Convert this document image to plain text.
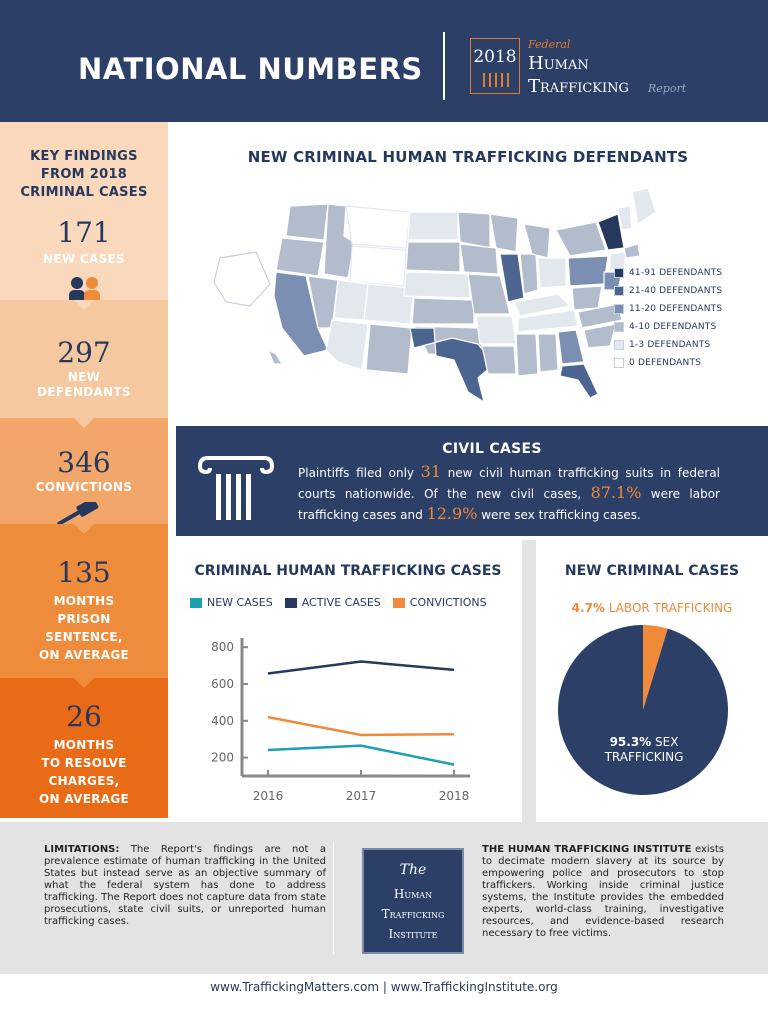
NATIONAL NUMBERS	2018
Federal
Human
Trafficking Report
KEY FINDINGS
FROM 2018
CRIMINAL CASES
171
NEW CASES
297
NEW
DEFENDANTS
346
CONVICTIONS
135
MONTHS
PRISON
SENTENCE,
ON AVERAGE
26
MONTHS
TO RESOLVE
CHARGES,
ON AVERAGE
NEW CRIMINAL HUMAN TRAFFICKING DEFENDANTS
41-91 DEFENDANTS
21-40 DEFENDANTS
11-20 DEFENDANTS
4-10 DEFENDANTS
1-3 DEFENDANTS
0 DEFENDANTS
CIVIL CASES
Plaintiffs filed only 31 new civil human trafficking suits in federal courts nationwide. Of the new civil cases, 87.1% were labor trafficking cases and 12.9% were sex trafficking cases.
CRIMINAL HUMAN TRAFFICKING CASES
NEW CASES	ACTIVE CASES	CONVICTIONS
200
400
600
800
2016	2017	2018
NEW CRIMINAL CASES
4.7% LABOR TRAFFICKING
95.3% SEX
TRAFFICKING
LIMITATIONS: The Report's findings are not a prevalence estimate of human trafficking in the United States but instead serve as an objective summary of what the federal system has done to address trafficking. The Report does not capture data from state prosecutions, state civil suits, or unreported human trafficking cases.
The
Human
Trafficking
Institute
THE HUMAN TRAFFICKING INSTITUTE exists to decimate modern slavery at its source by empowering police and prosecutors to stop traffickers. Working inside criminal justice systems, the Institute provides the embedded experts, world-class training, investigative resources, and evidence-based research necessary to free victims.
www.TraffickingMatters.com | www.TraffickingInstitute.org
